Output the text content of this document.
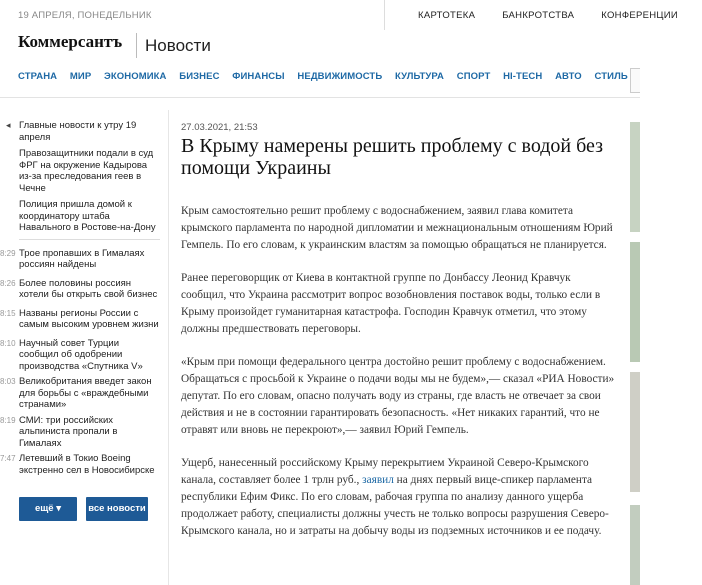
19 АПРЕЛЯ, ПОНЕДЕЛЬНИК	КАРТОТЕКА	БАНКРОТСТВА	КОНФЕРЕНЦИИ
Коммерсантъ Новости
СТРАНА МИР ЭКОНОМИКА БИЗНЕС ФИНАНСЫ НЕДВИЖИМОСТЬ КУЛЬТУРА СПОРТ HI-TECH АВТО СТИЛЬ
◂ Главные новости к утру 19 апреля
Правозащитники подали в суд ФРГ на окружение Кадырова из-за преследования геев в Чечне
Полиция пришла домой к координатору штаба Навального в Ростове-на-Дону
8:29 Трое пропавших в Гималаях россиян найдены
8:26 Более половины россиян хотели бы открыть свой бизнес
8:15 Названы регионы России с самым высоким уровнем жизни
8:10 Научный совет Турции сообщил об одобрении производства «Спутника V»
8:03 Великобритания введет закон для борьбы с «враждебными странами»
8:19 СМИ: три российских альпиниста пропали в Гималаях
7:47 Летевший в Токио Boeing экстренно сел в Новосибирске
ещё ▾	все новости
27.03.2021, 21:53
В Крыму намерены решить проблему с водой без помощи Украины

Крым самостоятельно решит проблему с водоснабжением, заявил глава комитета крымского парламента по народной дипломатии и межнациональным отношениям Юрий Гемпель. По его словам, к украинским властям за помощью обращаться не планируется.

Ранее переговорщик от Киева в контактной группе по Донбассу Леонид Кравчук сообщил, что Украина рассмотрит вопрос возобновления поставок воды, только если в Крыму произойдет гуманитарная катастрофа. Господин Кравчук отметил, что этому должны предшествовать переговоры.

«Крым при помощи федерального центра достойно решит проблему с водоснабжением. Обращаться с просьбой к Украине о подачи воды мы не будем»,— сказал «РИА Новости» депутат. По его словам, опасно получать воду из страны, где власть не отвечает за свои действия и не в состоянии гарантировать безопасность. «Нет никаких гарантий, что не отравят или вновь не перекроют»,— заявил Юрий Гемпель.

Ущерб, нанесенный российскому Крыму перекрытием Украиной Северо-Крымского канала, составляет более 1 трлн руб., заявил на днях первый вице-спикер парламента республики Ефим Фикс. По его словам, рабочая группа по анализу данного ущерба продолжает работу, специалисты должны учесть не только вопросы разрушения Северо-Крымского канала, но и затраты на добычу воды из подземных источников и ее подачу.
